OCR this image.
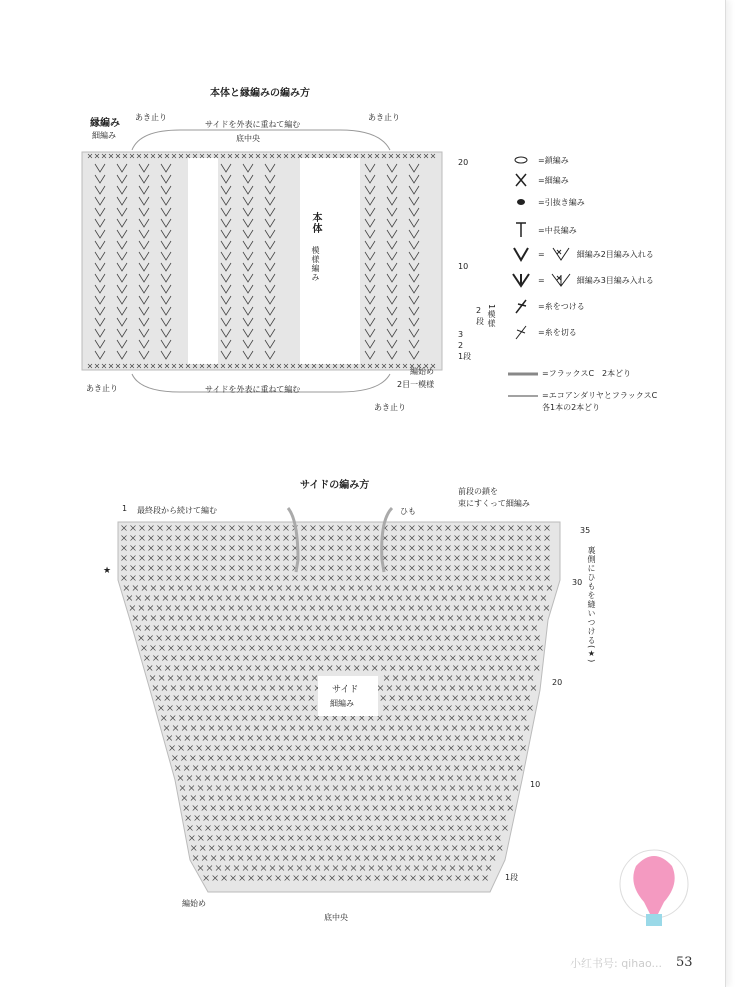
本体と縁編みの編み方
縁編み
細編み
あき止り	あき止り
サイドを外表に重ねて編む
底中央
あき止り	サイドを外表に重ねて編む
あき止り
本体
模様編み
20
10
2
段 1模様
3
2
1段
編始め
2目一模様
=鎖編み
=細編み
=引抜き編み
=中長編み
=	細編み2目編み入れる
=	細編み3目編み入れる
=糸をつける
=糸を切る
=フラックスC　2本どり
=エコアンダリヤとフラックスC
各1本の2本どり
サイドの編み方
1 最終段から続けて編む	ひも
前段の鎖を
束にすくって細編み
35
30
20
10
1段
裏側にひもを縫いつける(★)
★
サイド
細編み
編始め
底中央
小红书号: qihao... 53
